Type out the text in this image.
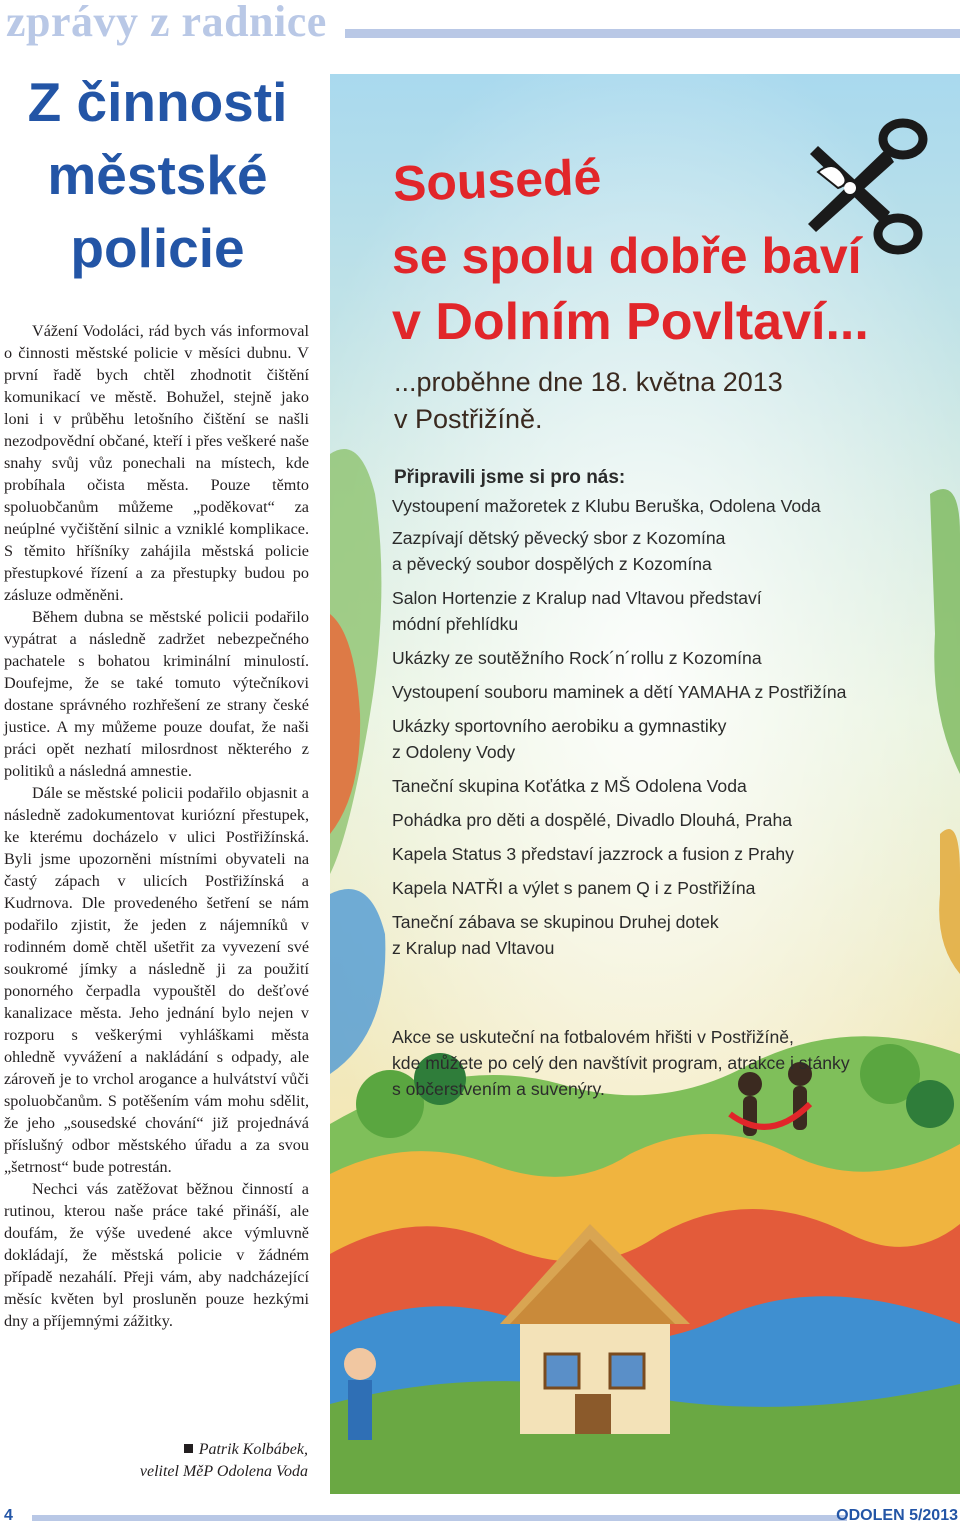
zprávy z radnice
Z činnosti
městské
policie

Vážení Vodoláci, rád bych vás informoval o činnosti městské policie v měsíci dubnu. V první řadě bych chtěl zhodnotit čištění komunikací ve městě. Bohužel, stejně jako loni i v průběhu letošního čištění se našli nezodpovědní občané, kteří i přes veškeré naše snahy svůj vůz ponechali na místech, kde probíhala očista města. Pouze těmto spoluobčanům můžeme „poděkovat“ za neúplné vyčištění silnic a vzniklé komplikace. S těmito hříšníky zahájila městská policie přestupkové řízení a za přestupky budou po zásluze odměněni.

Během dubna se městské policii podařilo vypátrat a následně zadržet nebezpečného pachatele s bohatou kriminální minulostí. Doufejme, že se také tomuto výtečníkovi dostane správného rozhřešení ze strany české justice. A my můžeme pouze doufat, že naši práci opět nezhatí milosrdnost některého z politiků a následná amnestie.

Dále se městské policii podařilo objasnit a následně zadokumentovat kuriózní přestupek, ke kterému docházelo v ulici Postřižínská. Byli jsme upozorněni místními obyvateli na častý zápach v ulicích Postřižínská a Kudrnova. Dle provedeného šetření se nám podařilo zjistit, že jeden z nájemníků v rodinném domě chtěl ušetřit za vyvezení své soukromé jímky a následně ji za použití ponorného čerpadla vypouštěl do dešťové kanalizace města. Jeho jednání bylo nejen v rozporu s veškerými vyhláškami města ohledně vyvážení a nakládání s odpady, ale zároveň je to vrchol arogance a hulvátství vůči spoluobčanům. S potěšením vám mohu sdělit, že jeho „sousedské chování“ již projednává příslušný odbor městského úřadu a za svou „šetrnost“ bude potrestán.

Nechci vás zatěžovat běžnou činností a rutinou, kterou naše práce také přináší, ale doufám, že výše uvedené akce výmluvně dokládají, že městská policie v žádném případě nezahálí. Přeji vám, aby nadcházející měsíc květen byl prosluněn pouze hezkými dny a příjemnými zážitky.

Patrik Kolbábek,
velitel MěP Odolena Voda
Sousedé
se spolu dobře baví
v Dolním Povltaví...
...proběhne dne 18. května 2013
v Postřižíně.
Připravili jsme si pro nás:
Vystoupení mažoretek z Klubu Beruška, Odolena Voda
Zazpívají dětský pěvecký sbor z Kozomína
a pěvecký soubor dospělých z Kozomína
Salon Hortenzie z Kralup nad Vltavou představí
módní přehlídku
Ukázky ze soutěžního Rock´n´rollu z Kozomína
Vystoupení souboru maminek a dětí YAMAHA z Postřižína
Ukázky sportovního aerobiku a gymnastiky
z Odoleny Vody
Taneční skupina Koťátka z MŠ Odolena Voda
Pohádka pro děti a dospělé, Divadlo Dlouhá, Praha
Kapela Status 3 představí jazzrock a fusion z Prahy
Kapela NATŘI a výlet s panem Q i z Postřižína
Taneční zábava se skupinou Druhej dotek
z Kralup nad Vltavou
Akce se uskuteční na fotbalovém hřišti v Postřižíně,
kde můžete po celý den navštívit program, atrakce i stánky
s občerstvením a suvenýry.
4	ODOLEN 5/2013
